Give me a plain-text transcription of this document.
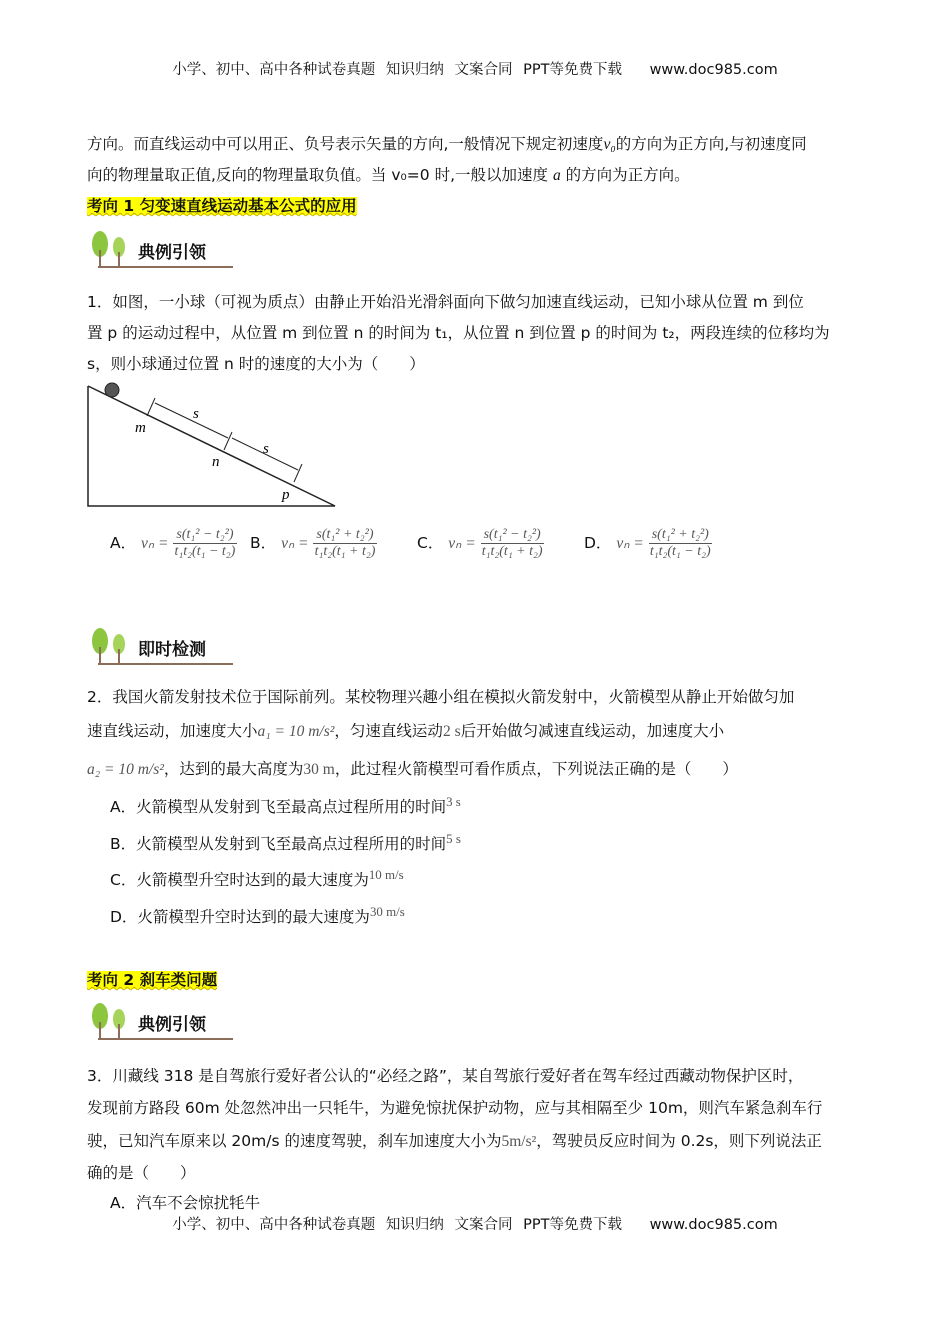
小学、初中、高中各种试卷真题 知识归纳 文案合同 PPT等免费下载 www.doc985.com
方向。而直线运动中可以用正、负号表示矢量的方向,一般情况下规定初速度v₀的方向为正方向,与初速度同
向的物理量取正值,反向的物理量取负值。当 v₀=0 时,一般以加速度 a 的方向为正方向。
考向 1 匀变速直线运动基本公式的应用
典例引领
1．如图，一小球（可视为质点）由静止开始沿光滑斜面向下做匀加速直线运动，已知小球从位置 m 到位
置 p 的运动过程中，从位置 m 到位置 n 的时间为 t₁，从位置 n 到位置 p 的时间为 t₂，两段连续的位移均为
s，则小球通过位置 n 时的速度的大小为（　　）
s
s
m
n
p
A． $v_n = \frac{\text{s(t₁² − t₂²)}}{\text{t₁t₂(t₁ − t₂)}}$ B． $v_n = \frac{\text{s(t₁² + t₂²)}}{\text{t₁t₂(t₁ + t₂)}}$	C． $v_n = \frac{\text{s(t₁² − t₂²)}}{\text{t₁t₂(t₁ + t₂)}}$	D． $v_n = \frac{\text{s(t₁² + t₂²)}}{\text{t₁t₂(t₁ − t₂)}}$
即时检测
2．我国火箭发射技术位于国际前列。某校物理兴趣小组在模拟火箭发射中，火箭模型从静止开始做匀加
速直线运动，加速度大小a₁ = 10 m/s²，匀速直线运动2 s后开始做匀减速直线运动，加速度大小
a₂ = 10 m/s²，达到的最大高度为30 m，此过程火箭模型可看作质点，下列说法正确的是（　　）
A．火箭模型从发射到飞至最高点过程所用的时间$^{3 s}$
B．火箭模型从发射到飞至最高点过程所用的时间$^{5 s}$
C．火箭模型升空时达到的最大速度为$^{10 m/s}$
D．火箭模型升空时达到的最大速度为$^{30 m/s}$
考向 2 刹车类问题
典例引领
3．川藏线 318 是自驾旅行爱好者公认的“必经之路”，某自驾旅行爱好者在驾车经过西藏动物保护区时，
发现前方路段 60m 处忽然冲出一只牦牛，为避免惊扰保护动物，应与其相隔至少 10m，则汽车紧急刹车行
驶，已知汽车原来以 20m/s 的速度驾驶，刹车加速度大小为5m/s²，驾驶员反应时间为 0.2s，则下列说法正
确的是（　　）
A．汽车不会惊扰牦牛
小学、初中、高中各种试卷真题 知识归纳 文案合同 PPT等免费下载 www.doc985.com
